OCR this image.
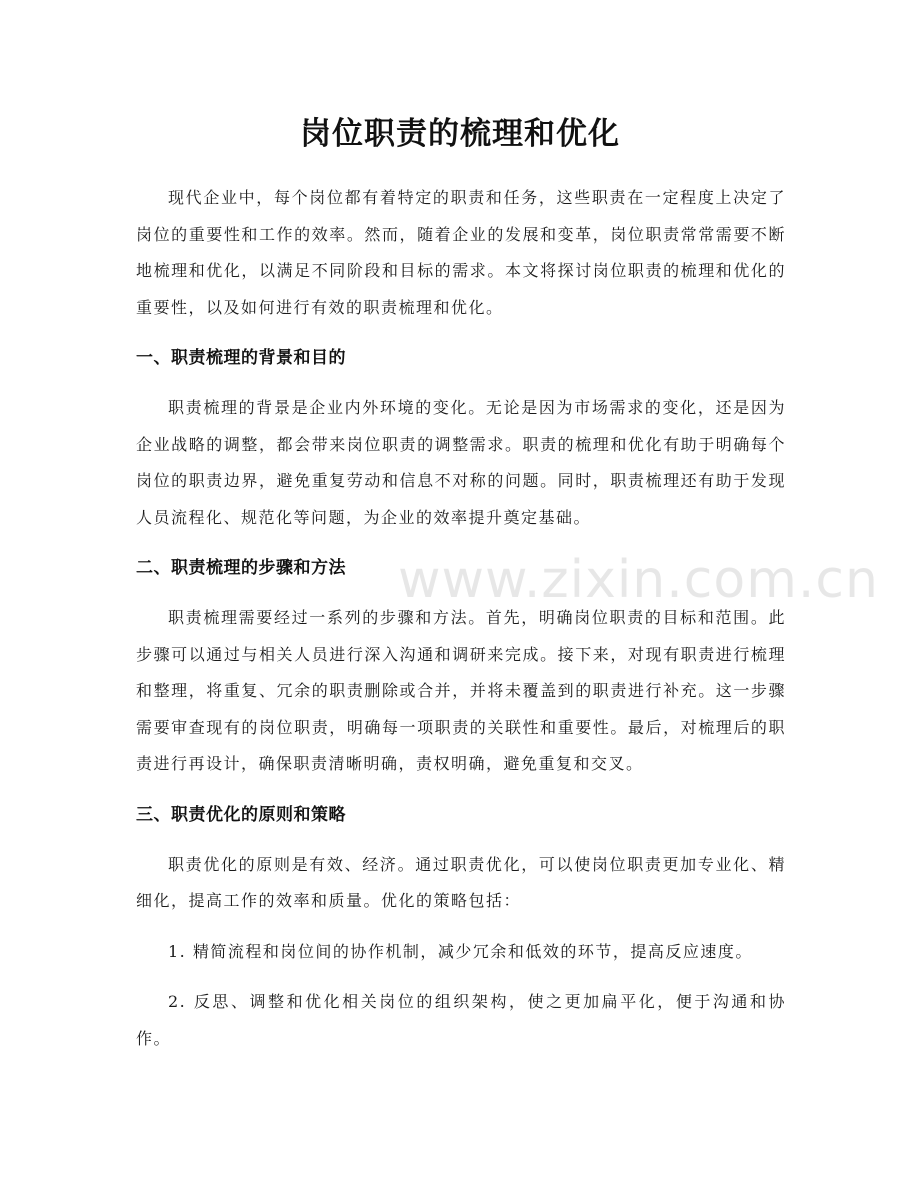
岗位职责的梳理和优化

现代企业中，每个岗位都有着特定的职责和任务，这些职责在一定程度上决定了岗位的重要性和工作的效率。然而，随着企业的发展和变革，岗位职责常常需要不断地梳理和优化，以满足不同阶段和目标的需求。本文将探讨岗位职责的梳理和优化的重要性，以及如何进行有效的职责梳理和优化。

一、职责梳理的背景和目的

职责梳理的背景是企业内外环境的变化。无论是因为市场需求的变化，还是因为企业战略的调整，都会带来岗位职责的调整需求。职责的梳理和优化有助于明确每个岗位的职责边界，避免重复劳动和信息不对称的问题。同时，职责梳理还有助于发现人员流程化、规范化等问题，为企业的效率提升奠定基础。

二、职责梳理的步骤和方法

职责梳理需要经过一系列的步骤和方法。首先，明确岗位职责的目标和范围。此步骤可以通过与相关人员进行深入沟通和调研来完成。接下来，对现有职责进行梳理和整理，将重复、冗余的职责删除或合并，并将未覆盖到的职责进行补充。这一步骤需要审查现有的岗位职责，明确每一项职责的关联性和重要性。最后，对梳理后的职责进行再设计，确保职责清晰明确，责权明确，避免重复和交叉。

三、职责优化的原则和策略

职责优化的原则是有效、经济。通过职责优化，可以使岗位职责更加专业化、精细化，提高工作的效率和质量。优化的策略包括：

1. 精简流程和岗位间的协作机制，减少冗余和低效的环节，提高反应速度。

2. 反思、调整和优化相关岗位的组织架构，使之更加扁平化，便于沟通和协作。

www.zixin.com.cn
